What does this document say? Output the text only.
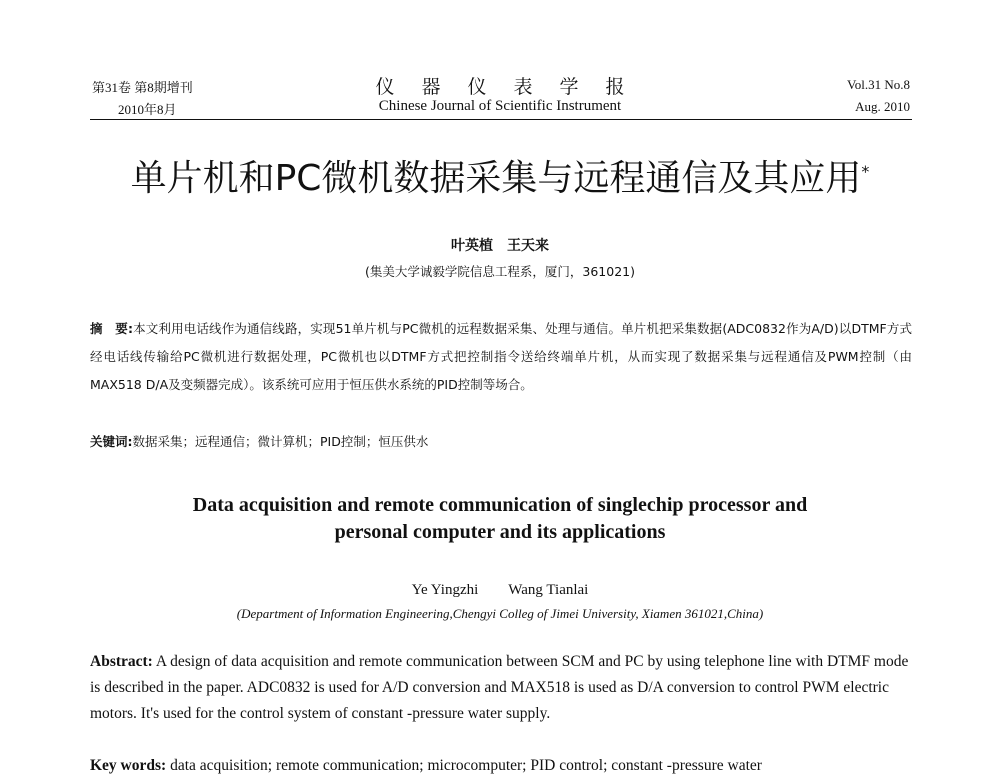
第31卷 第8期增刊
2010年8月
仪器仪表学报
Chinese Journal of Scientific Instrument
Vol.31 No.8
Aug. 2010
单片机和PC微机数据采集与远程通信及其应用*
叶英植　王天来
(集美大学诚毅学院信息工程系，厦门，361021)
摘　要:本文利用电话线作为通信线路，实现51单片机与PC微机的远程数据采集、处理与通信。单片机把采集数据(ADC0832作为A/D)以DTMF方式经电话线传输给PC微机进行数据处理，PC微机也以DTMF方式把控制指令送给终端单片机，从而实现了数据采集与远程通信及PWM控制（由MAX518 D/A及变频器完成）。该系统可应用于恒压供水系统的PID控制等场合。
关键词:数据采集；远程通信；微计算机；PID控制；恒压供水
Data acquisition and remote communication of singlechip processor and
personal computer and its applications
Ye Yingzhi　　Wang Tianlai
(Department of Information Engineering,Chengyi Colleg of Jimei University, Xiamen 361021,China)
Abstract: A design of data acquisition and remote communication between SCM and PC by using telephone line with DTMF mode is described in the paper. ADC0832 is used for A/D conversion and MAX518 is used as D/A conversion to control PWM electric motors. It's used for the control system of constant -pressure water supply.
Key words: data acquisition; remote communication; microcomputer; PID control; constant -pressure water
